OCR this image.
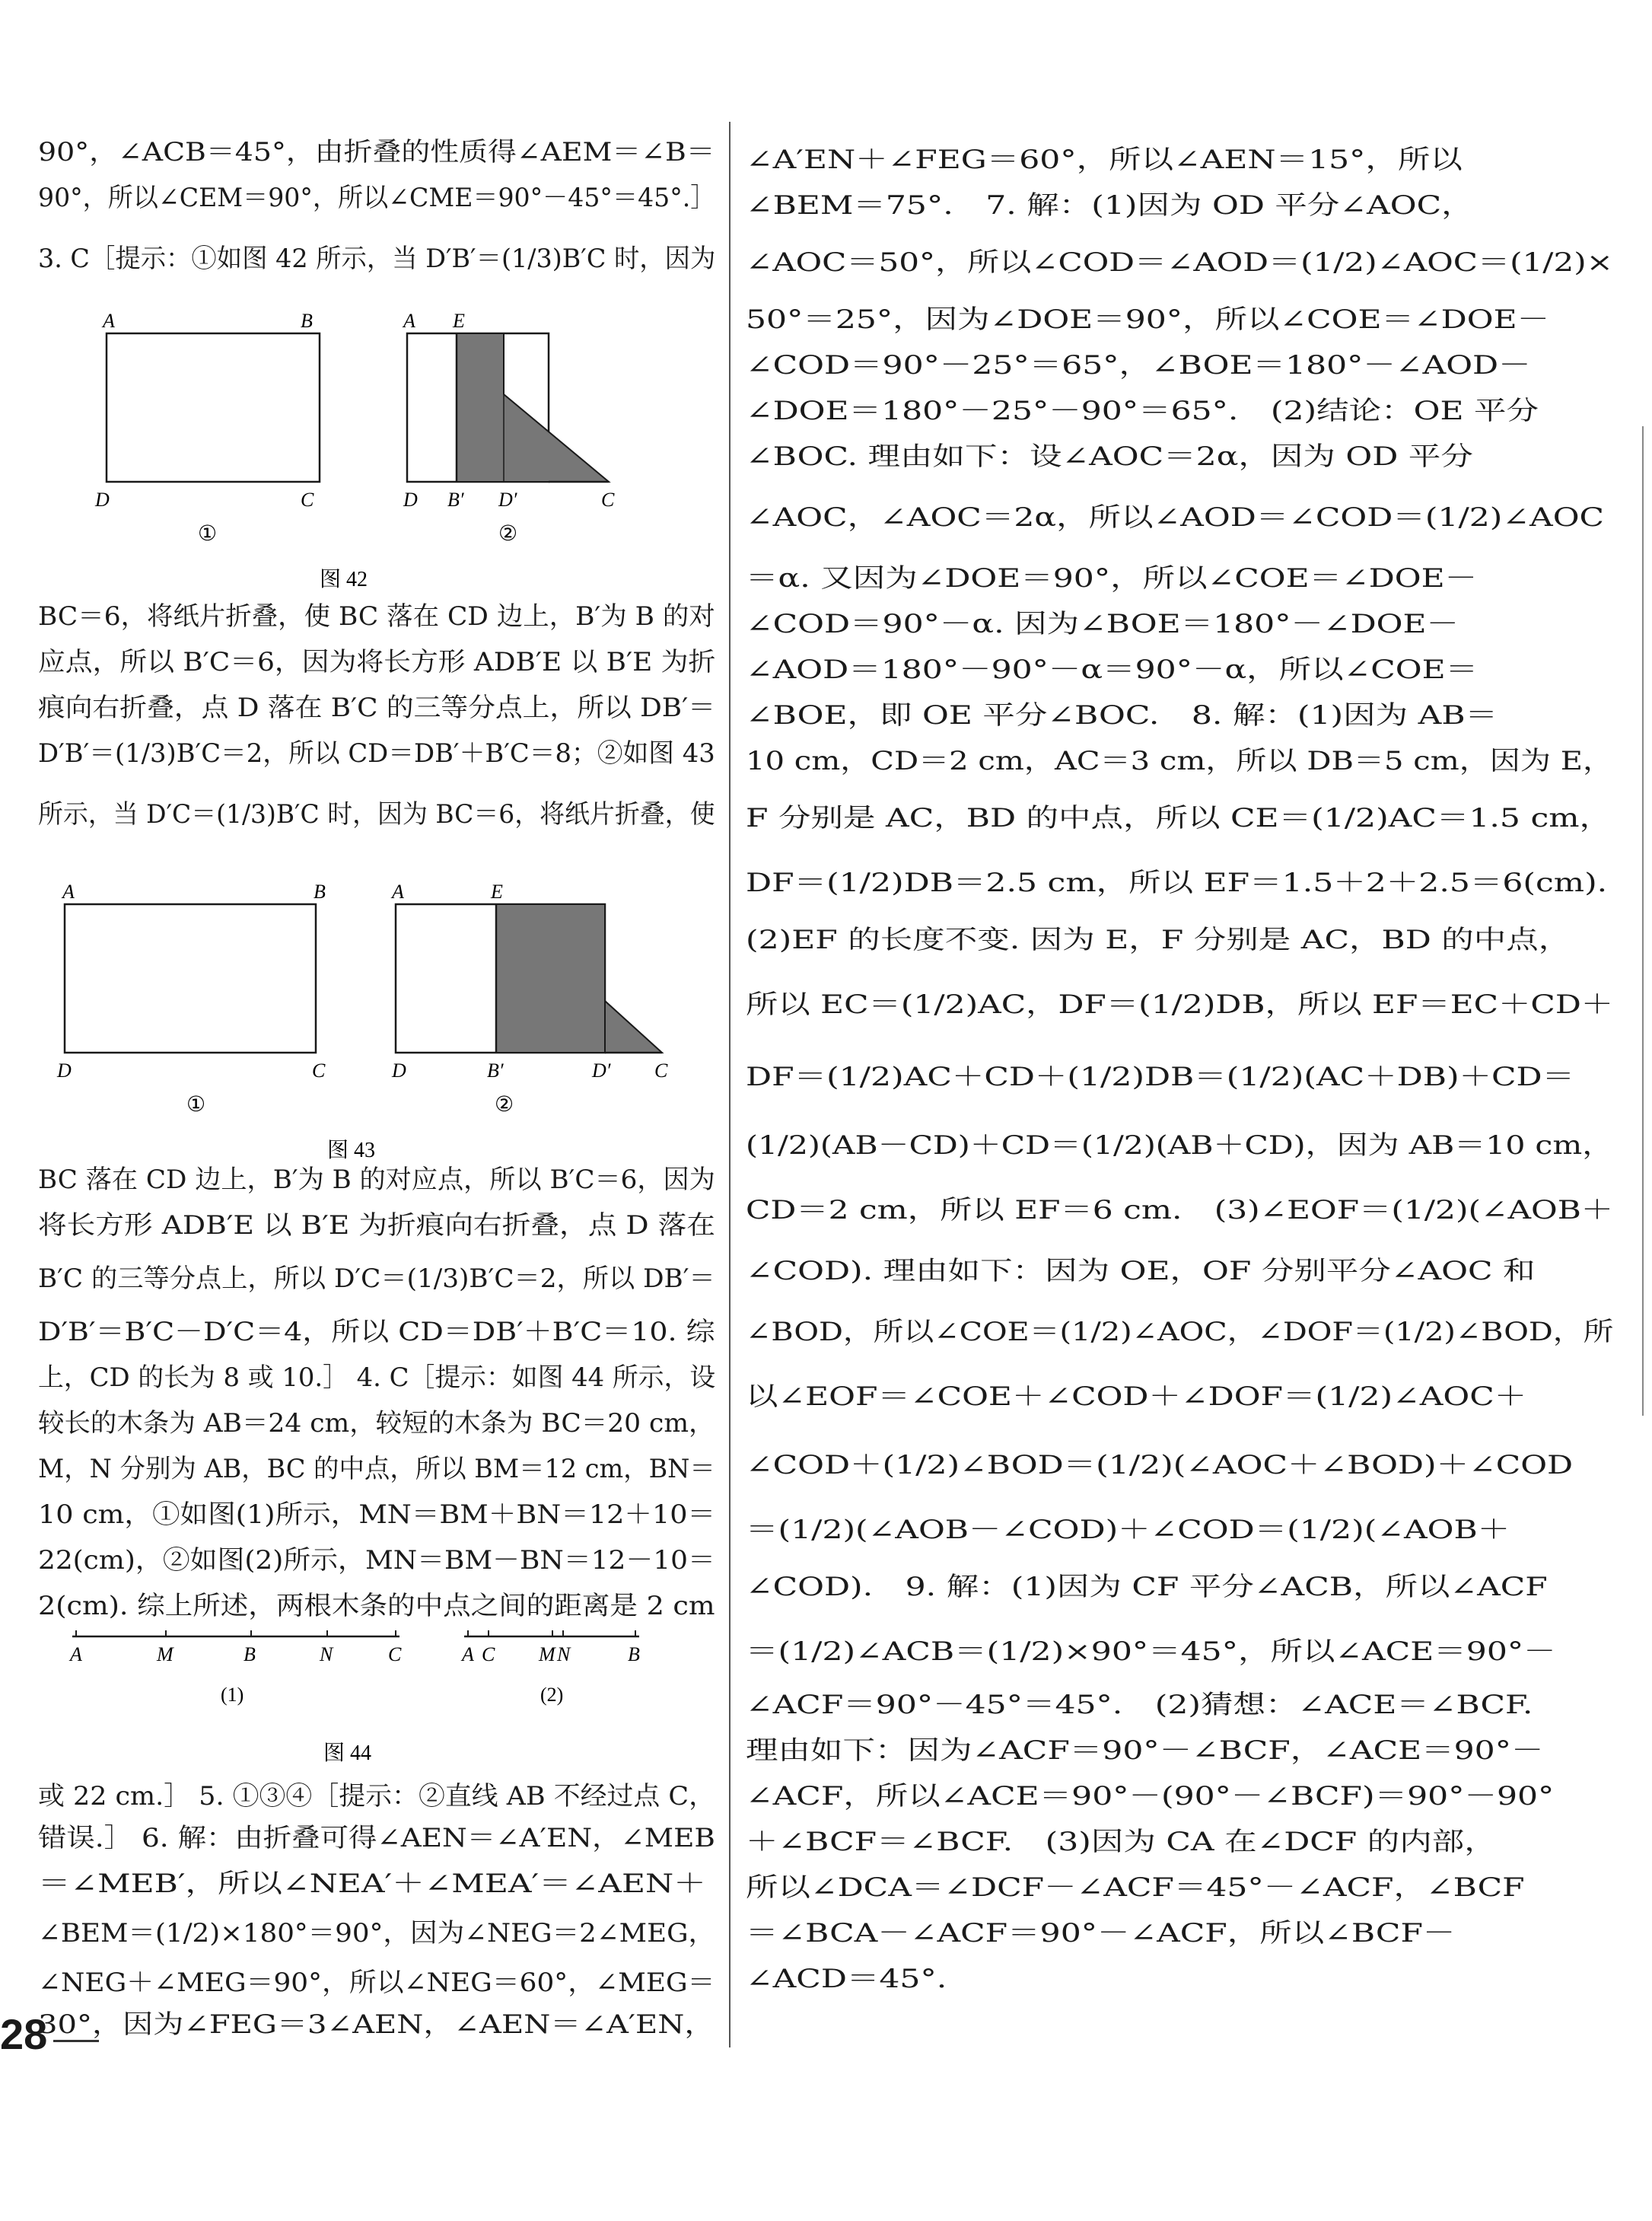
90°，∠ACB＝45°，由折叠的性质得∠AEM＝∠B＝
90°，所以∠CEM＝90°，所以∠CME＝90°－45°＝45°.］
3. C［提示：①如图 42 所示，当 D′B′＝(1/3)B′C 时，因为
BC＝6，将纸片折叠，使 BC 落在 CD 边上，B′为 B 的对
应点，所以 B′C＝6，因为将长方形 ADB′E 以 B′E 为折
痕向右折叠，点 D 落在 B′C 的三等分点上，所以 DB′＝
D′B′＝(1/3)B′C＝2，所以 CD＝DB′＋B′C＝8；②如图 43
所示，当 D′C＝(1/3)B′C 时，因为 BC＝6，将纸片折叠，使
BC 落在 CD 边上，B′为 B 的对应点，所以 B′C＝6，因为
将长方形 ADB′E 以 B′E 为折痕向右折叠，点 D 落在
B′C 的三等分点上，所以 D′C＝(1/3)B′C＝2，所以 DB′＝
D′B′＝B′C－D′C＝4，所以 CD＝DB′＋B′C＝10. 综
上，CD 的长为 8 或 10.］ 4. C［提示：如图 44 所示，设
较长的木条为 AB＝24 cm，较短的木条为 BC＝20 cm，
M，N 分别为 AB，BC 的中点，所以 BM＝12 cm，BN＝
10 cm，①如图(1)所示，MN＝BM＋BN＝12＋10＝
22(cm)，②如图(2)所示，MN＝BM－BN＝12－10＝
2(cm). 综上所述，两根木条的中点之间的距离是 2 cm
或 22 cm.］ 5. ①③④［提示：②直线 AB 不经过点 C，
错误.］ 6. 解：由折叠可得∠AEN＝∠A′EN，∠MEB
＝∠MEB′，所以∠NEA′＋∠MEA′＝∠AEN＋
∠BEM＝(1/2)×180°＝90°，因为∠NEG＝2∠MEG，
∠NEG＋∠MEG＝90°，所以∠NEG＝60°，∠MEG＝
30°，因为∠FEG＝3∠AEN，∠AEN＝∠A′EN，
∠A′EN＋∠FEG＝60°，所以∠AEN＝15°，所以
∠BEM＝75°.　7. 解：(1)因为 OD 平分∠AOC，
∠AOC＝50°，所以∠COD＝∠AOD＝(1/2)∠AOC＝(1/2)×
50°＝25°，因为∠DOE＝90°，所以∠COE＝∠DOE－
∠COD＝90°－25°＝65°，∠BOE＝180°－∠AOD－
∠DOE＝180°－25°－90°＝65°.　(2)结论：OE 平分
∠BOC. 理由如下：设∠AOC＝2α，因为 OD 平分
∠AOC，∠AOC＝2α，所以∠AOD＝∠COD＝(1/2)∠AOC
＝α. 又因为∠DOE＝90°，所以∠COE＝∠DOE－
∠COD＝90°－α. 因为∠BOE＝180°－∠DOE－
∠AOD＝180°－90°－α＝90°－α，所以∠COE＝
∠BOE，即 OE 平分∠BOC.　8. 解：(1)因为 AB＝
10 cm，CD＝2 cm，AC＝3 cm，所以 DB＝5 cm，因为 E，
F 分别是 AC，BD 的中点，所以 CE＝(1/2)AC＝1.5 cm，
DF＝(1/2)DB＝2.5 cm，所以 EF＝1.5＋2＋2.5＝6(cm).
(2)EF 的长度不变. 因为 E，F 分别是 AC，BD 的中点，
所以 EC＝(1/2)AC，DF＝(1/2)DB，所以 EF＝EC＋CD＋
DF＝(1/2)AC＋CD＋(1/2)DB＝(1/2)(AC＋DB)＋CD＝
(1/2)(AB－CD)＋CD＝(1/2)(AB＋CD)，因为 AB＝10 cm，
CD＝2 cm，所以 EF＝6 cm.　(3)∠EOF＝(1/2)(∠AOB＋
∠COD). 理由如下：因为 OE，OF 分别平分∠AOC 和
∠BOD，所以∠COE＝(1/2)∠AOC，∠DOF＝(1/2)∠BOD，所
以∠EOF＝∠COE＋∠COD＋∠DOF＝(1/2)∠AOC＋
∠COD＋(1/2)∠BOD＝(1/2)(∠AOC＋∠BOD)＋∠COD
＝(1/2)(∠AOB－∠COD)＋∠COD＝(1/2)(∠AOB＋
∠COD).　9. 解：(1)因为 CF 平分∠ACB，所以∠ACF
＝(1/2)∠ACB＝(1/2)×90°＝45°，所以∠ACE＝90°－
∠ACF＝90°－45°＝45°.　(2)猜想：∠ACE＝∠BCF.
理由如下：因为∠ACF＝90°－∠BCF，∠ACE＝90°－
∠ACF，所以∠ACE＝90°－(90°－∠BCF)＝90°－90°
＋∠BCF＝∠BCF.　(3)因为 CA 在∠DCF 的内部，
所以∠DCA＝∠DCF－∠ACF＝45°－∠ACF，∠BCF
＝∠BCA－∠ACF＝90°－∠ACF，所以∠BCF－
∠ACD＝45°.
A	B
D	C
①
A E
D B′ D′	C
②
图 42
A	B
D	C
①
A	E
D	B′	D′ C
②
图 43
A	M	B	N	C
(1)
A C M N	B
(2)
图 44
28
